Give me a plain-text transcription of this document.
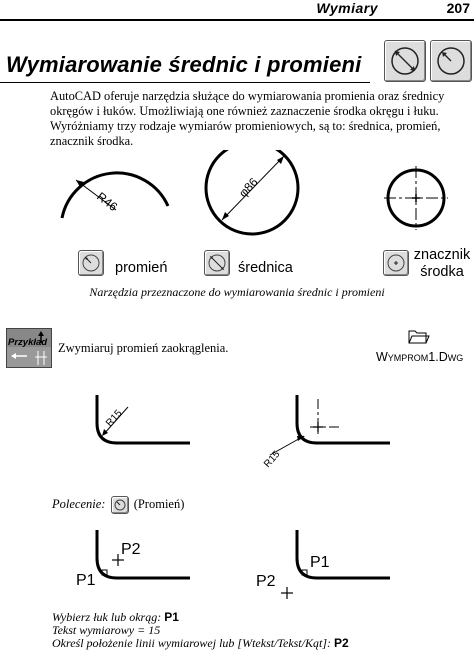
Wymiary	207
Wymiarowanie średnic i promieni
AutoCAD oferuje narzędzia służące do wymiarowania promienia oraz średnicy okręgów i łuków. Umożliwiają one również zaznaczenie środka okręgu i łuku. Wyróżniamy trzy rodzaje wymiarów promieniowych, są to: średnica, promień, znacznik środka.
R46
φ86
promień	średnica
znacznik
środka
Narzędzia przeznaczone do wymiarowania średnic i promieni
Przykład Zwymiaruj promień zaokrąglenia.
Wymprom1.Dwg
R15
R15
Polecenie: (Promień)
P1
P2
P1
P2
Wybierz łuk lub okrąg: P1
Tekst wymiarowy = 15
Określ położenie linii wymiarowej lub [Wtekst/Tekst/Kąt]: P2
